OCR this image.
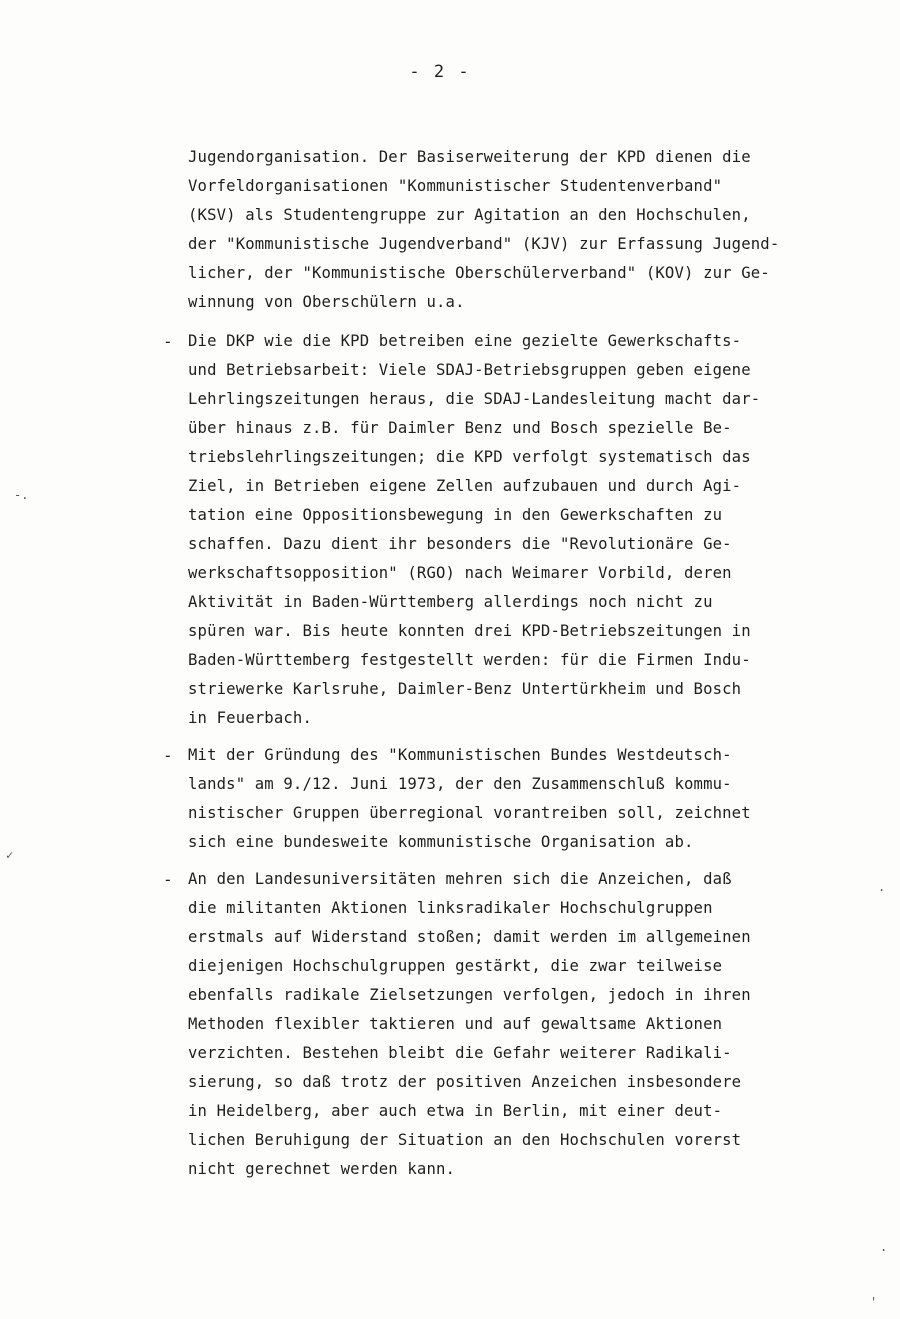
- 2 -
Jugendorganisation. Der Basiserweiterung der KPD dienen die
Vorfeldorganisationen "Kommunistischer Studentenverband"
(KSV) als Studentengruppe zur Agitation an den Hochschulen,
der "Kommunistische Jugendverband" (KJV) zur Erfassung Jugend-
licher, der "Kommunistische Oberschülerverband" (KOV) zur Ge-
winnung von Oberschülern u.a.
- Die DKP wie die KPD betreiben eine gezielte Gewerkschafts-
und Betriebsarbeit: Viele SDAJ-Betriebsgruppen geben eigene
Lehrlingszeitungen heraus, die SDAJ-Landesleitung macht dar-
über hinaus z.B. für Daimler Benz und Bosch spezielle Be-
triebslehrlingszeitungen; die KPD verfolgt systematisch das
Ziel, in Betrieben eigene Zellen aufzubauen und durch Agi-
tation eine Oppositionsbewegung in den Gewerkschaften zu
schaffen. Dazu dient ihr besonders die "Revolutionäre Ge-
werkschaftsopposition" (RGO) nach Weimarer Vorbild, deren
Aktivität in Baden-Württemberg allerdings noch nicht zu
spüren war. Bis heute konnten drei KPD-Betriebszeitungen in
Baden-Württemberg festgestellt werden: für die Firmen Indu-
striewerke Karlsruhe, Daimler-Benz Untertürkheim und Bosch
in Feuerbach.
- Mit der Gründung des "Kommunistischen Bundes Westdeutsch-
lands" am 9./12. Juni 1973, der den Zusammenschluß kommu-
nistischer Gruppen überregional vorantreiben soll, zeichnet
sich eine bundesweite kommunistische Organisation ab.
- An den Landesuniversitäten mehren sich die Anzeichen, daß
die militanten Aktionen linksradikaler Hochschulgruppen
erstmals auf Widerstand stoßen; damit werden im allgemeinen
diejenigen Hochschulgruppen gestärkt, die zwar teilweise
ebenfalls radikale Zielsetzungen verfolgen, jedoch in ihren
Methoden flexibler taktieren und auf gewaltsame Aktionen
verzichten. Bestehen bleibt die Gefahr weiterer Radikali-
sierung, so daß trotz der positiven Anzeichen insbesondere
in Heidelberg, aber auch etwa in Berlin, mit einer deut-
lichen Beruhigung der Situation an den Hochschulen vorerst
nicht gerechnet werden kann.
-.
✓
.
.
'
